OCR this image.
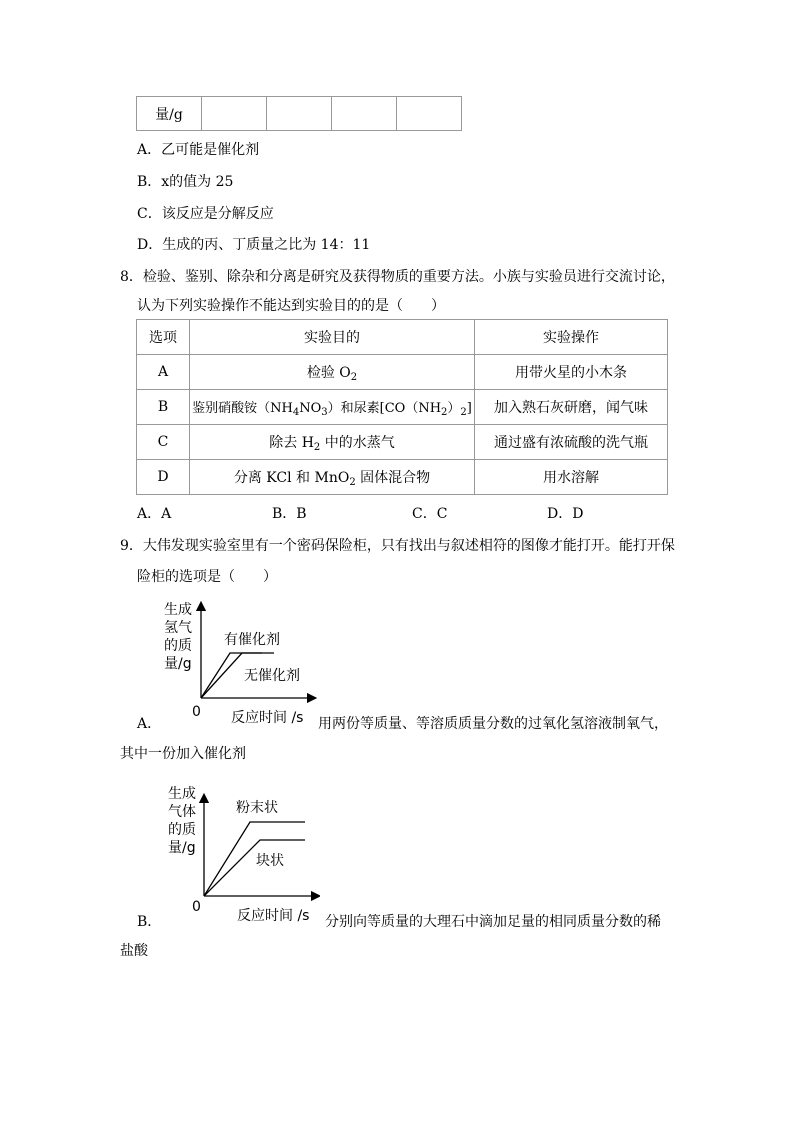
量/g				
A．乙可能是催化剂
B．x的值为 25
C．该反应是分解反应
D．生成的丙、丁质量之比为 14：11
8．检验、鉴别、除杂和分离是研究及获得物质的重要方法。小族与实验员进行交流讨论，
认为下列实验操作不能达到实验目的的是（　　）
选项	实验目的	实验操作
A	检验 $O_2$	用带火星的小木条
B	鉴别硝酸铵$(NH_4NO_3)$和尿素$[CO(NH_2)_2]$	加入熟石灰研磨，闻气味
C	除去 $H_2$ 中的水蒸气	通过盛有浓硫酸的洗气瓶
D	分离 KCl 和 MnO$_2$ 固体混合物	用水溶解
A．A	B．B	C．C	D．D
9．大伟发现实验室里有一个密码保险柜，只有找出与叙述相符的图像才能打开。能打开保
险柜的选项是（　　）
生成
氢气
的质
量/g
有催化剂
无催化剂
0
A．	反应时间 /s 用两份等质量、等溶质质量分数的过氧化氢溶液制氧气，
其中一份加入催化剂
生成
气体
的质
量/g
粉末状
块状
0
B．	反应时间 /s 分别向等质量的大理石中滴加足量的相同质量分数的稀
盐酸
